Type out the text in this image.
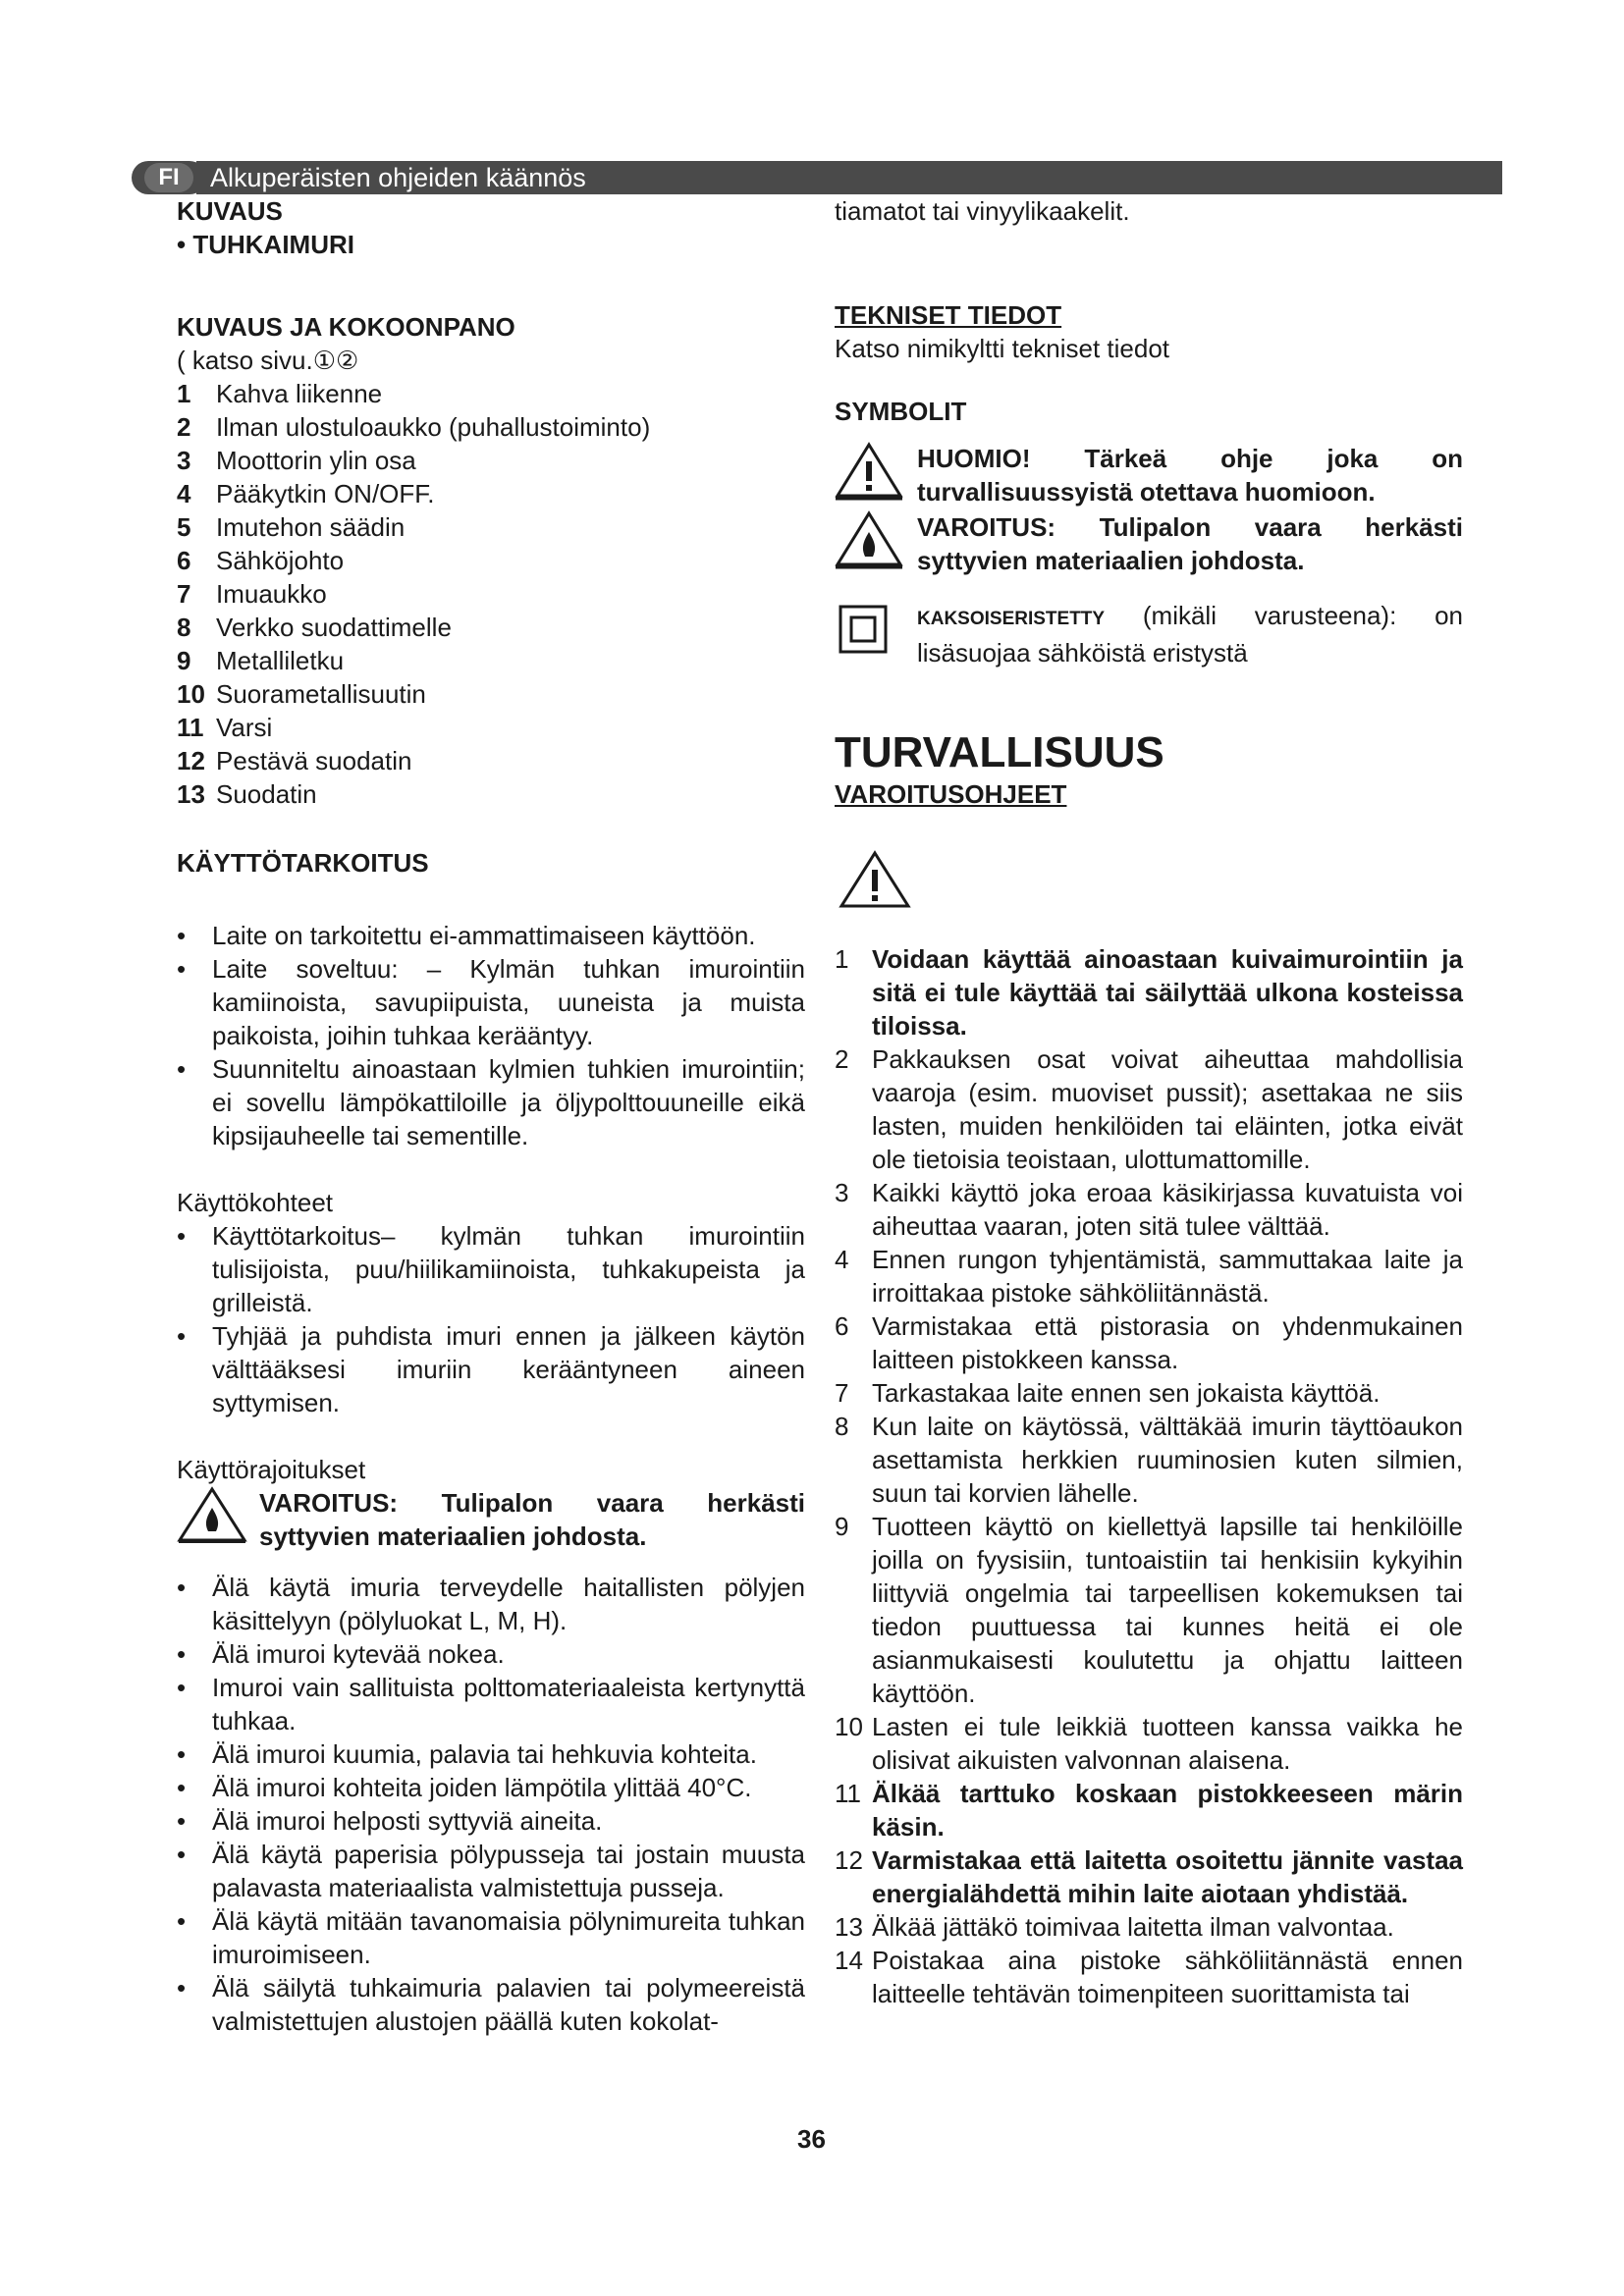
FI	Alkuperäisten ohjeiden käännös

KUVAUS

• TUHKAIMURI

KUVAUS JA KOKOONPANO

( katso sivu.①②

1 Kahva liikenne
2 Ilman ulostuloaukko (puhallustoiminto)
3 Moottorin ylin osa
4 Pääkytkin ON/OFF.
5 Imutehon säädin
6 Sähköjohto
7 Imuaukko
8 Verkko suodattimelle
9 Metalliletku
10 Suorametallisuutin
11 Varsi
12 Pestävä suodatin
13 Suodatin

KÄYTTÖTARKOITUS

• Laite on tarkoitettu ei-ammattimaiseen käyttöön.
• Laite soveltuu: – Kylmän tuhkan imurointiin kamiinoista, savupiipuista, uuneista ja muista paikoista, joihin tuhkaa kerääntyy.
• Suunniteltu ainoastaan kylmien tuhkien imurointiin; ei sovellu lämpökattiloille ja öljypolttouuneille eikä kipsijauheelle tai sementille.

Käyttökohteet

• Käyttötarkoitus– kylmän tuhkan imurointiin tulisijoista, puu/hiilikamiinoista, tuhkakupeista ja grilleistä.
• Tyhjää ja puhdista imuri ennen ja jälkeen käytön välttääksesi imuriin kerääntyneen aineen syttymisen.

Käyttörajoitukset

VAROITUS: Tulipalon vaara herkästi syttyvien materiaalien johdosta.
• Älä käytä imuria terveydelle haitallisten pölyjen käsittelyyn (pölyluokat L, M, H).
• Älä imuroi kytevää nokea.
• Imuroi vain sallituista polttomateriaaleista kertynyttä tuhkaa.
• Älä imuroi kuumia, palavia tai hehkuvia kohteita.
• Älä imuroi kohteita joiden lämpötila ylittää 40°C.
• Älä imuroi helposti syttyviä aineita.
• Älä käytä paperisia pölypusseja tai jostain muusta palavasta materiaalista valmistettuja pusseja.
• Älä käytä mitään tavanomaisia pölynimureita tuhkan imuroimiseen.
• Älä säilytä tuhkaimuria palavien tai polymeereistä valmistettujen alustojen päällä kuten kokolat-

tiamatot tai vinyylikaakelit.

TEKNISET TIEDOT

Katso nimikyltti tekniset tiedot

SYMBOLIT

HUOMIO! Tärkeä ohje joka on turvallisuussyistä otettava huomioon.
VAROITUS: Tulipalon vaara herkästi syttyvien materiaalien johdosta.
KAKSOISERISTETTY (mikäli varusteena): on lisäsuojaa sähköistä eristystä

TURVALLISUUS

VAROITUSOHJEET

1 Voidaan käyttää ainoastaan kuivaimurointiin ja sitä ei tule käyttää tai säilyttää ulkona kosteissa tiloissa.
2 Pakkauksen osat voivat aiheuttaa mahdollisia vaaroja (esim. muoviset pussit); asettakaa ne siis lasten, muiden henkilöiden tai eläinten, jotka eivät ole tietoisia teoistaan, ulottumattomille.
3 Kaikki käyttö joka eroaa käsikirjassa kuvatuista voi aiheuttaa vaaran, joten sitä tulee välttää.
4 Ennen rungon tyhjentämistä, sammuttakaa laite ja irroittakaa pistoke sähköliitännästä.
6 Varmistakaa että pistorasia on yhdenmukainen laitteen pistokkeen kanssa.
7 Tarkastakaa laite ennen sen jokaista käyttöä.
8 Kun laite on käytössä, välttäkää imurin täyttöaukon asettamista herkkien ruuminosien kuten silmien, suun tai korvien lähelle.
9 Tuotteen käyttö on kiellettyä lapsille tai henkilöille joilla on fyysisiin, tuntoaistiin tai henkisiin kykyihin liittyviä ongelmia tai tarpeellisen kokemuksen tai tiedon puuttuessa tai kunnes heitä ei ole asianmukaisesti koulutettu ja ohjattu laitteen käyttöön.
10 Lasten ei tule leikkiä tuotteen kanssa vaikka he olisivat aikuisten valvonnan alaisena.
11 Älkää tarttuko koskaan pistokkeeseen märin käsin.
12 Varmistakaa että laitetta osoitettu jännite vastaa energialähdettä mihin laite aiotaan yhdistää.
13 Älkää jättäkö toimivaa laitetta ilman valvontaa.
14 Poistakaa aina pistoke sähköliitännästä ennen laitteelle tehtävän toimenpiteen suorittamista tai
36
